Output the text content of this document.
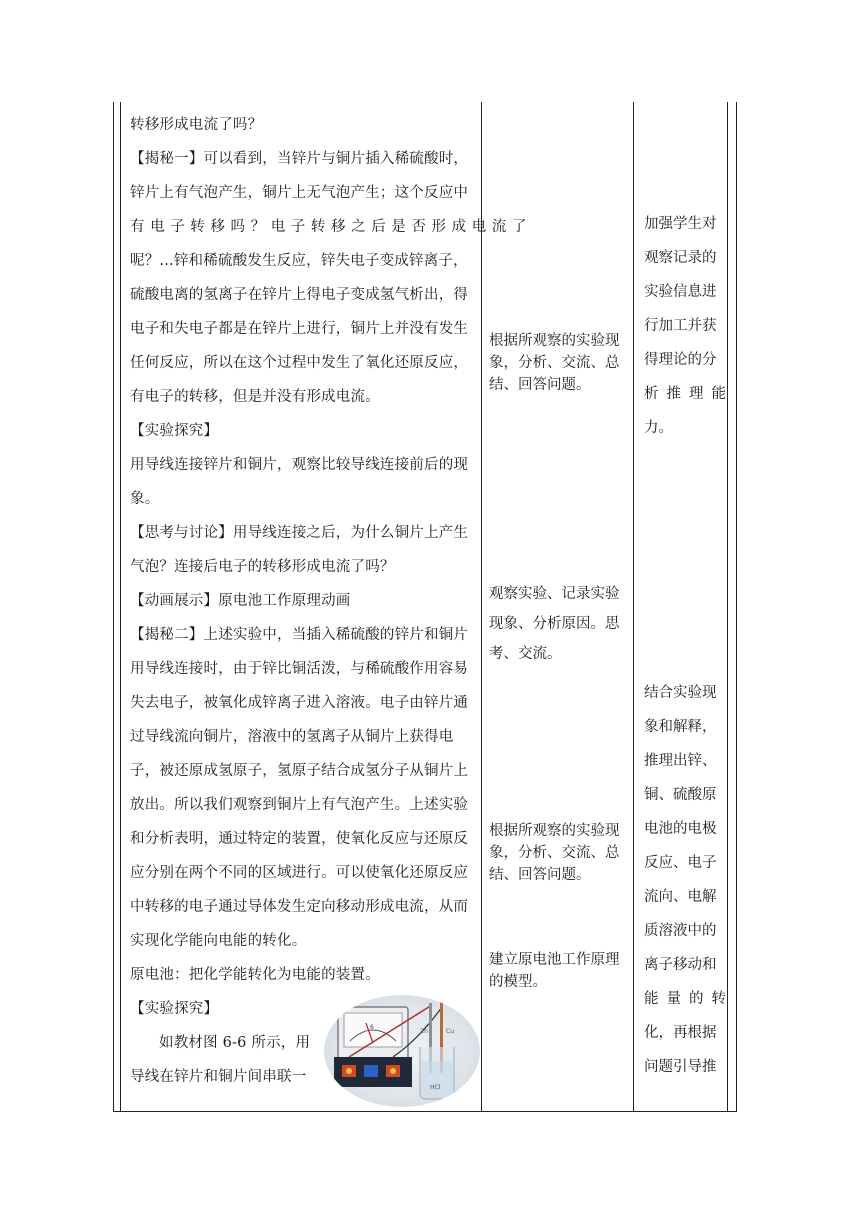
转移形成电流了吗？
【揭秘一】可以看到，当锌片与铜片插入稀硫酸时，
锌片上有气泡产生，铜片上无气泡产生；这个反应中
有电子转移吗？电子转移之后是否形成电流了
呢？...锌和稀硫酸发生反应，锌失电子变成锌离子，
硫酸电离的氢离子在锌片上得电子变成氢气析出，得
电子和失电子都是在锌片上进行，铜片上并没有发生
任何反应，所以在这个过程中发生了氧化还原反应，
有电子的转移，但是并没有形成电流。
【实验探究】
用导线连接锌片和铜片，观察比较导线连接前后的现
象。
【思考与讨论】用导线连接之后，为什么铜片上产生
气泡？连接后电子的转移形成电流了吗？
【动画展示】原电池工作原理动画
【揭秘二】上述实验中，当插入稀硫酸的锌片和铜片
用导线连接时，由于锌比铜活泼，与稀硫酸作用容易
失去电子，被氧化成锌离子进入溶液。电子由锌片通
过导线流向铜片，溶液中的氢离子从铜片上获得电
子，被还原成氢原子，氢原子结合成氢分子从铜片上
放出。所以我们观察到铜片上有气泡产生。上述实验
和分析表明，通过特定的装置，使氧化反应与还原反
应分别在两个不同的区域进行。可以使氧化还原反应
中转移的电子通过导体发生定向移动形成电流，从而
实现化学能向电能的转化。
原电池：把化学能转化为电能的装置。
【实验探究】
如教材图 6-6 所示，用
导线在锌片和铜片间串联一
6
Zn	Cu
HCl
根据所观察的实验现象，分析、交流、总结、回答问题。
观察实验、记录实验现象、分析原因。思考、交流。
根据所观察的实验现象，分析、交流、总结、回答问题。
建立原电池工作原理的模型。
加强学生对
观察记录的
实验信息进
行加工并获
得理论的分
析 推 理 能
力。
结合实验现
象和解释，
推理出锌、
铜、硫酸原
电池的电极
反应、电子
流向、电解
质溶液中的
离子移动和
能 量 的 转
化，再根据
问题引导推
